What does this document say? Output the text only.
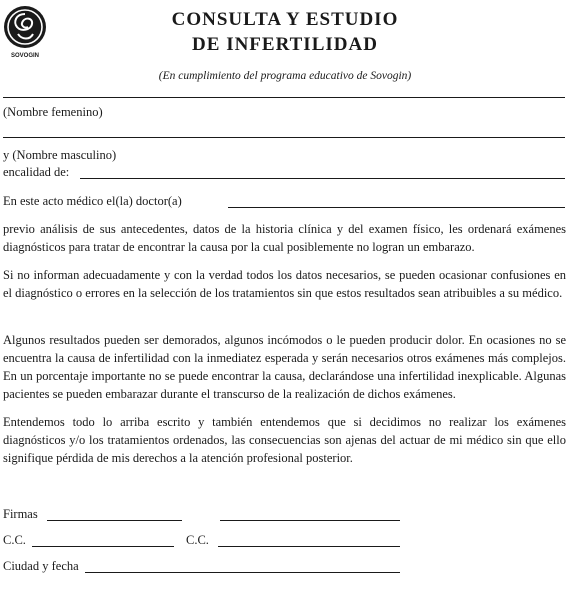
SOVOGIN
CONSULTA Y ESTUDIO
DE INFERTILIDAD
(En cumplimiento del programa educativo de Sovogin)
(Nombre femenino)
y (Nombre masculino)
encalidad de:
En este acto médico el(la) doctor(a)
previo análisis de sus antecedentes, datos de la historia clínica y del examen físico, les ordenará exámenes diagnósticos para tratar de encontrar la causa por la cual posiblemente no logran un embarazo.
Si no informan adecuadamente y con la verdad todos los datos necesarios, se pueden ocasionar confusiones en el diagnóstico o errores en la selección de los tratamientos sin que estos resultados sean atribuibles a su médico.
Algunos resultados pueden ser demorados, algunos incómodos o le pueden producir dolor. En ocasiones no se encuentra la causa de infertilidad con la inmediatez esperada y serán necesarios otros exámenes más complejos. En un porcentaje importante no se puede encontrar la causa, declarándose una infertilidad inexplicable. Algunas pacientes se pueden embarazar durante el transcurso de la realización de dichos exámenes.
Entendemos todo lo arriba escrito y también entendemos que si decidimos no realizar los exámenes diagnósticos y/o los tratamientos ordenados, las consecuencias son ajenas del actuar de mi médico sin que ello signifique pérdida de mis derechos a la atención profesional posterior.
Firmas
C.C.	C.C.
Ciudad y fecha
